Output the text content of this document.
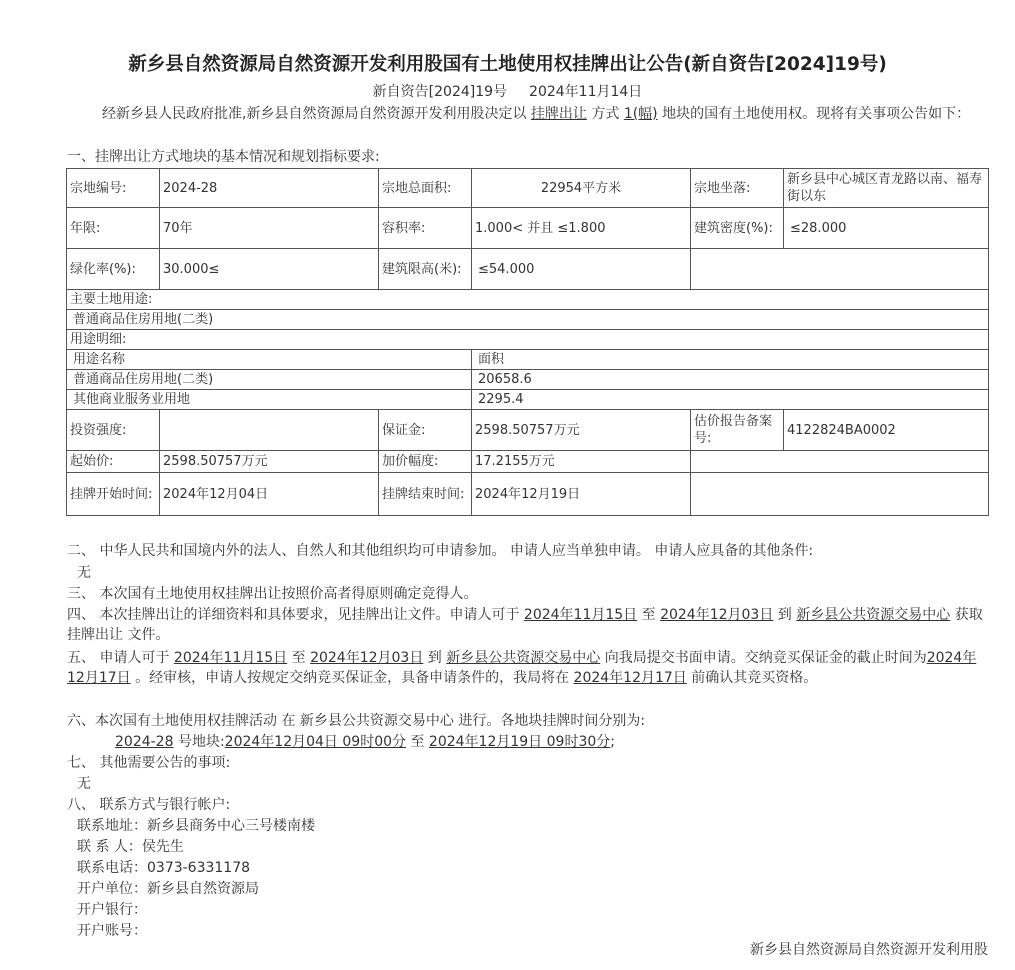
新乡县自然资源局自然资源开发利用股国有土地使用权挂牌出让公告(新自资告[2024]19号)
新自资告[2024]19号 2024年11月14日
经新乡县人民政府批准,新乡县自然资源局自然资源开发利用股决定以 挂牌出让 方式 1(幅) 地块的国有土地使用权。现将有关事项公告如下：
一、挂牌出让方式地块的基本情况和规划指标要求:
宗地编号:	2024-28	宗地总面积:	22954平方米	宗地坐落:	新乡县中心城区青龙路以南、福寿街以东
年限:	70年	容积率:	1.000< 并且 ≤1.800	建筑密度(%):	≤28.000
绿化率(%):	30.000≤	建筑限高(米):	≤54.000		
主要土地用途:					
普通商品住房用地(二类)					
用途明细:					
用途名称			面积		
普通商品住房用地(二类)			20658.6		
其他商业服务业用地			2295.4		
投资强度:		保证金:	2598.50757万元	估价报告备案号:	4122824BA0002
起始价:	2598.50757万元	加价幅度:	17.2155万元		
挂牌开始时间:	2024年12月04日	挂牌结束时间:	2024年12月19日		
二、 中华人民共和国境内外的法人、自然人和其他组织均可申请参加。 申请人应当单独申请。 申请人应具备的其他条件:
无
三、 本次国有土地使用权挂牌出让按照价高者得原则确定竞得人。
四、 本次挂牌出让的详细资料和具体要求，见挂牌出让文件。申请人可于 2024年11月15日 至 2024年12月03日 到 新乡县公共资源交易中心 获取 挂牌出让 文件。
五、 申请人可于 2024年11月15日 至 2024年12月03日 到 新乡县公共资源交易中心 向我局提交书面申请。交纳竞买保证金的截止时间为2024年12月17日 。经审核，申请人按规定交纳竞买保证金，具备申请条件的，我局将在 2024年12月17日 前确认其竞买资格。
六、本次国有土地使用权挂牌活动 在 新乡县公共资源交易中心 进行。各地块挂牌时间分别为:
2024-28 号地块:2024年12月04日 09时00分 至 2024年12月19日 09时30分;
七、 其他需要公告的事项:
无
八、 联系方式与银行帐户:
联系地址：新乡县商务中心三号楼南楼
联 系 人：侯先生
联系电话：0373-6331178
开户单位：新乡县自然资源局
开户银行：
开户账号：
新乡县自然资源局自然资源开发利用股
